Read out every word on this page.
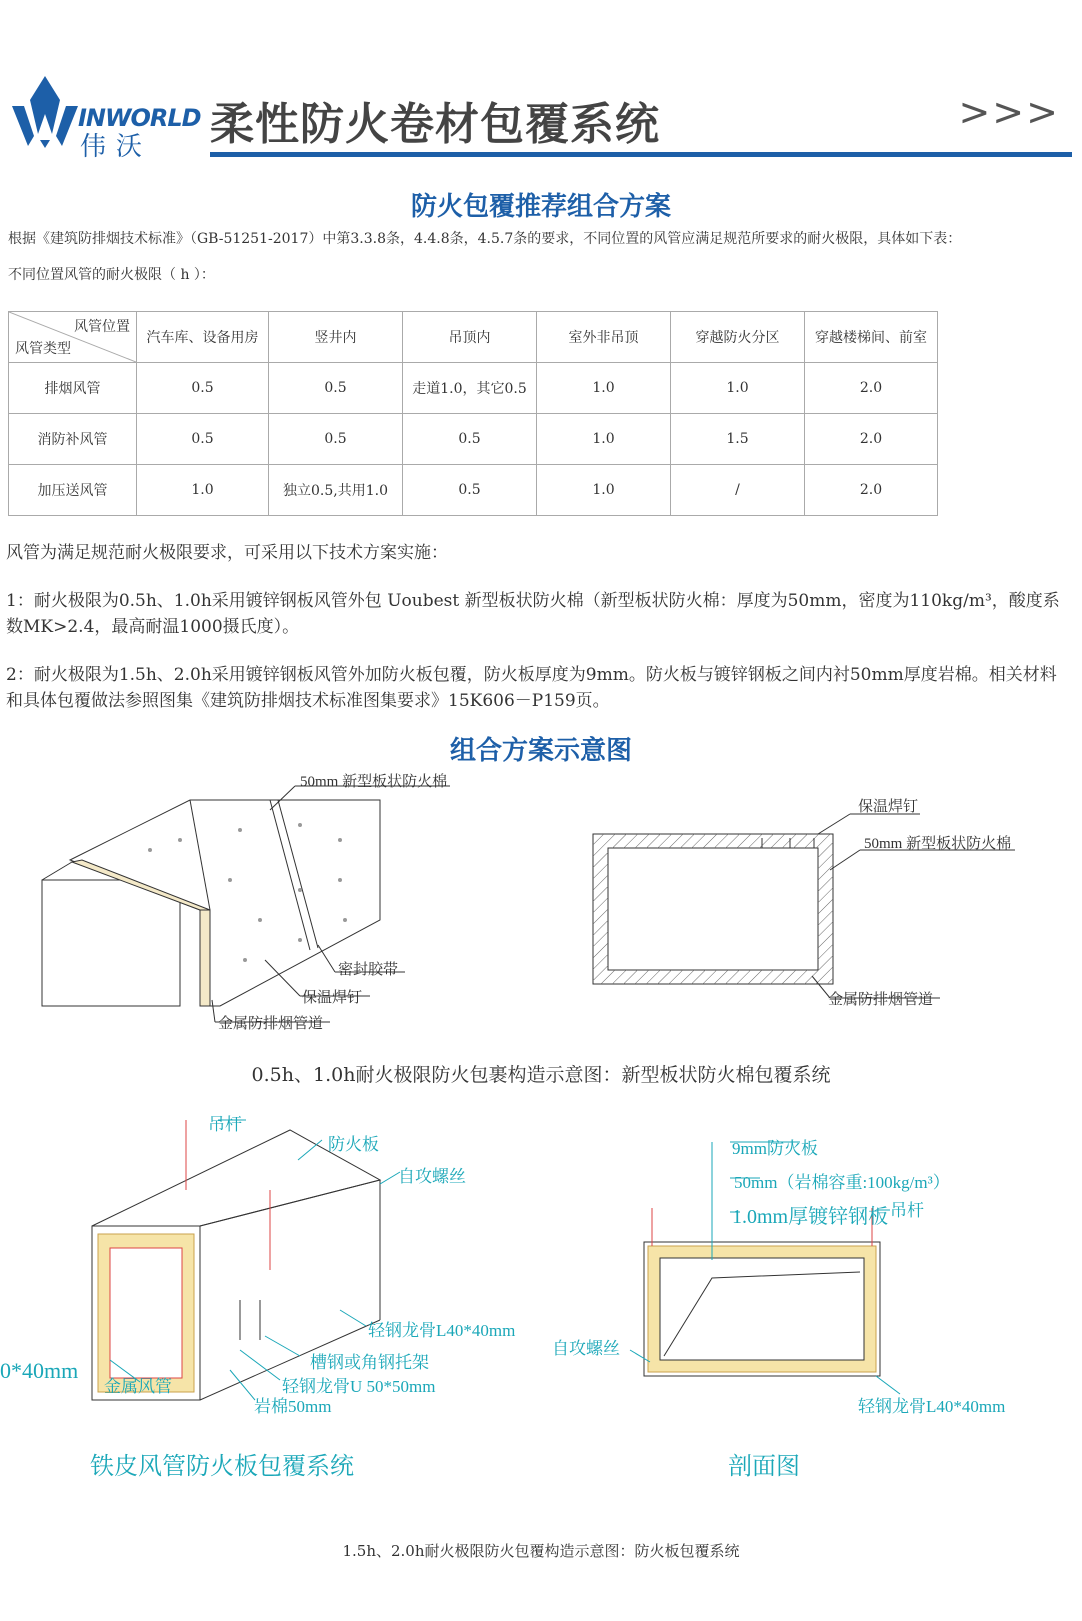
INWORLD
伟沃 柔性防火卷材包覆系统	>>>
防火包覆推荐组合方案
根据《建筑防排烟技术标准》（GB-51251-2017）中第3.3.8条，4.4.8条，4.5.7条的要求，不同位置的风管应满足规范所要求的耐火极限，具体如下表：
不同位置风管的耐火极限（ h ）：
风管位置
风管类型	汽车库、设备用房	竖井内	吊顶内	室外非吊顶	穿越防火分区	穿越楼梯间、前室
排烟风管	0.5	0.5	走道1.0，其它0.5	1.0	1.0	2.0
消防补风管	0.5	0.5	0.5	1.0	1.5	2.0
加压送风管	1.0	独立0.5,共用1.0	0.5	1.0	/	2.0
风管为满足规范耐火极限要求，可采用以下技术方案实施：
1：耐火极限为0.5h、1.0h采用镀锌钢板风管外包 Uoubest 新型板状防火棉（新型板状防火棉：厚度为50mm，密度为110kg/m³，酸度系数MK>2.4，最高耐温1000摄氏度）。
2：耐火极限为1.5h、2.0h采用镀锌钢板风管外加防火板包覆，防火板厚度为9mm。防火板与镀锌钢板之间内衬50mm厚度岩棉。相关材料和具体包覆做法参照图集《建筑防排烟技术标准图集要求》15K606－P159页。
组合方案示意图
50mm 新型板状防火棉
密封胶带
保温焊钉
金属防排烟管道
保温焊钉
50mm 新型板状防火棉
金属防排烟管道
0.5h、1.0h耐火极限防火包裹构造示意图：新型板状防火棉包覆系统
吊杆
防火板
自攻螺丝
轻钢龙骨L40*40mm
槽钢或角钢托架
轻钢龙骨U 50*50mm
岩棉50mm
金属风管
0*40mm
9mm防火板
50mm（岩棉容重:100kg/m³）
1.0mm厚镀锌钢板 吊杆
自攻螺丝
轻钢龙骨L40*40mm
铁皮风管防火板包覆系统	剖面图
1.5h、2.0h耐火极限防火包覆构造示意图：防火板包覆系统
